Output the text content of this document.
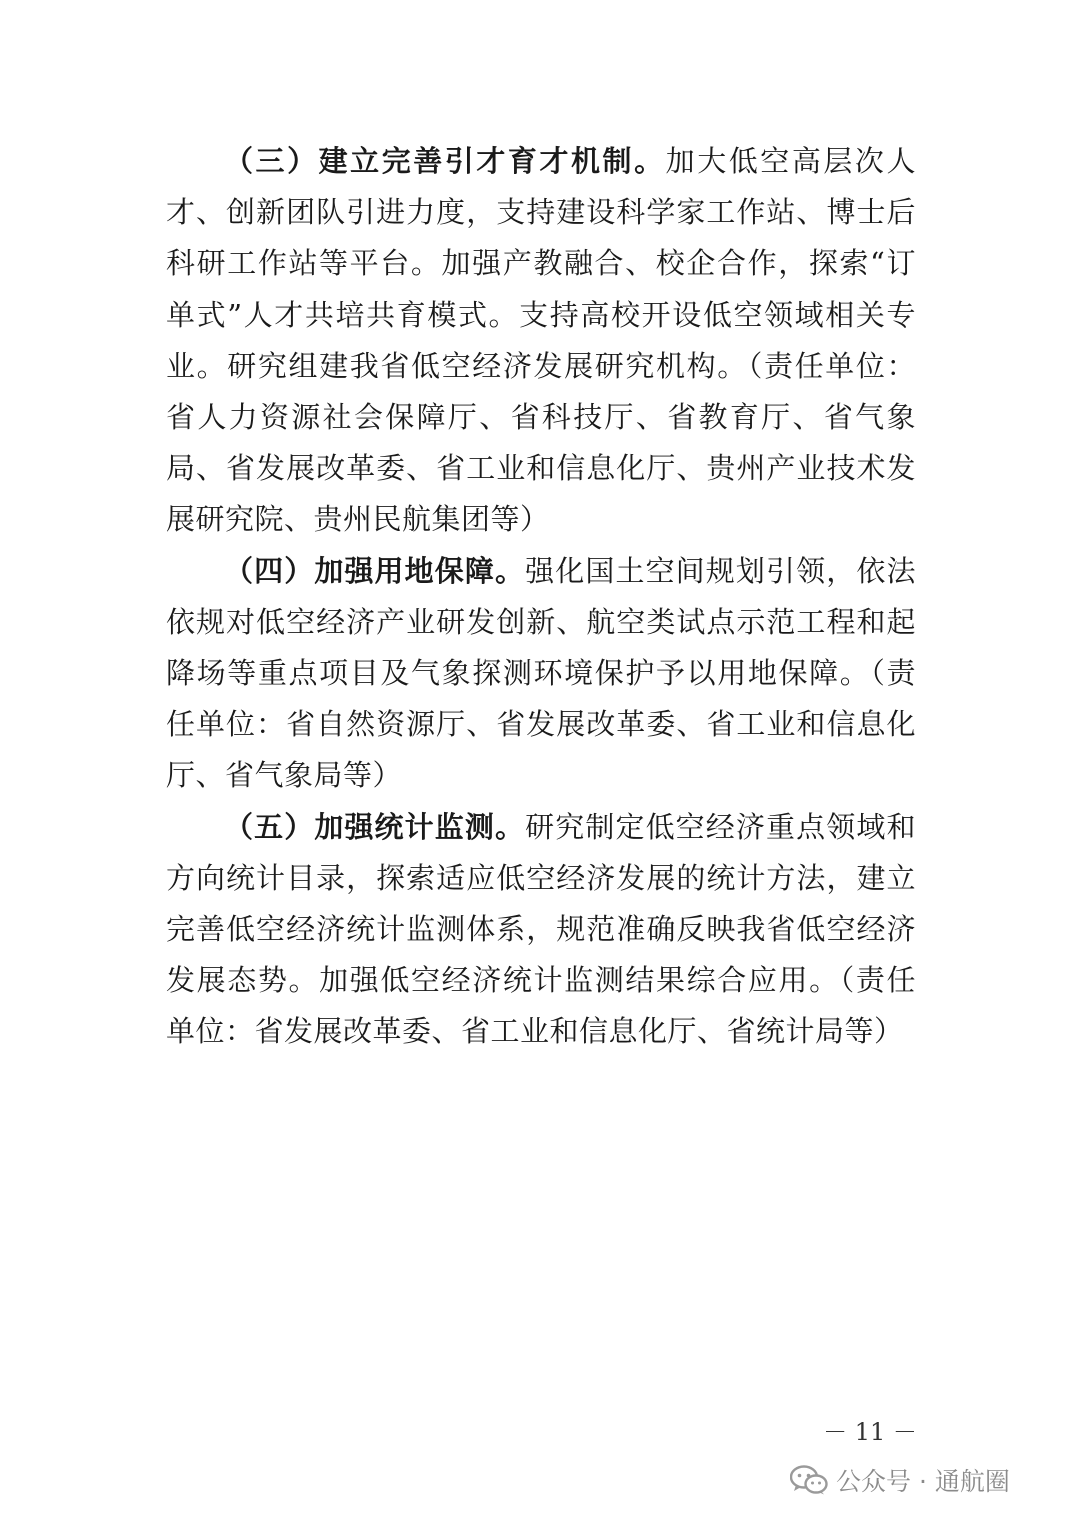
（三）建立完善引才育才机制。加大低空高层次人才、创新团队引进力度，支持建设科学家工作站、博士后科研工作站等平台。加强产教融合、校企合作，探索“订单式”人才共培共育模式。支持高校开设低空领域相关专业。研究组建我省低空经济发展研究机构。（责任单位：省人力资源社会保障厅、省科技厅、省教育厅、省气象局、省发展改革委、省工业和信息化厅、贵州产业技术发展研究院、贵州民航集团等）

（四）加强用地保障。强化国土空间规划引领，依法依规对低空经济产业研发创新、航空类试点示范工程和起降场等重点项目及气象探测环境保护予以用地保障。（责任单位：省自然资源厅、省发展改革委、省工业和信息化厅、省气象局等）

（五）加强统计监测。研究制定低空经济重点领域和方向统计目录，探索适应低空经济发展的统计方法，建立完善低空经济统计监测体系，规范准确反映我省低空经济发展态势。加强低空经济统计监测结果综合应用。（责任单位：省发展改革委、省工业和信息化厅、省统计局等）

－ 11 －
公众号 · 通航圈
